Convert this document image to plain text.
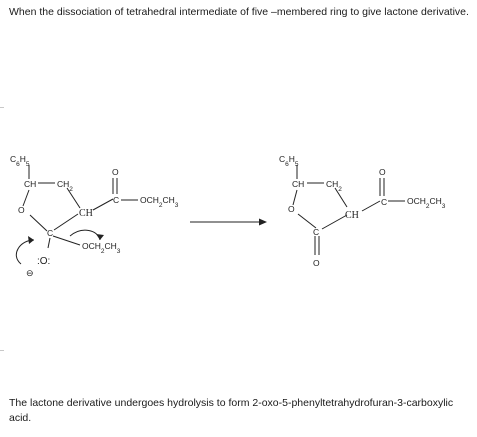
When the dissociation of tetrahedral intermediate of five –membered ring to give lactone derivative.
$C_6H_5$
CH $CH_2$
O	CH
O
C $OCH_2CH_3$
C
$OCH_2CH_3$
:O:
⊖
$C_6H_5$
CH	$CH_2$
O
CH
O
C $OCH_2CH_3$
C
O
The lactone derivative undergoes hydrolysis to form 2-oxo-5-phenyltetrahydrofuran-3-carboxylic acid.
